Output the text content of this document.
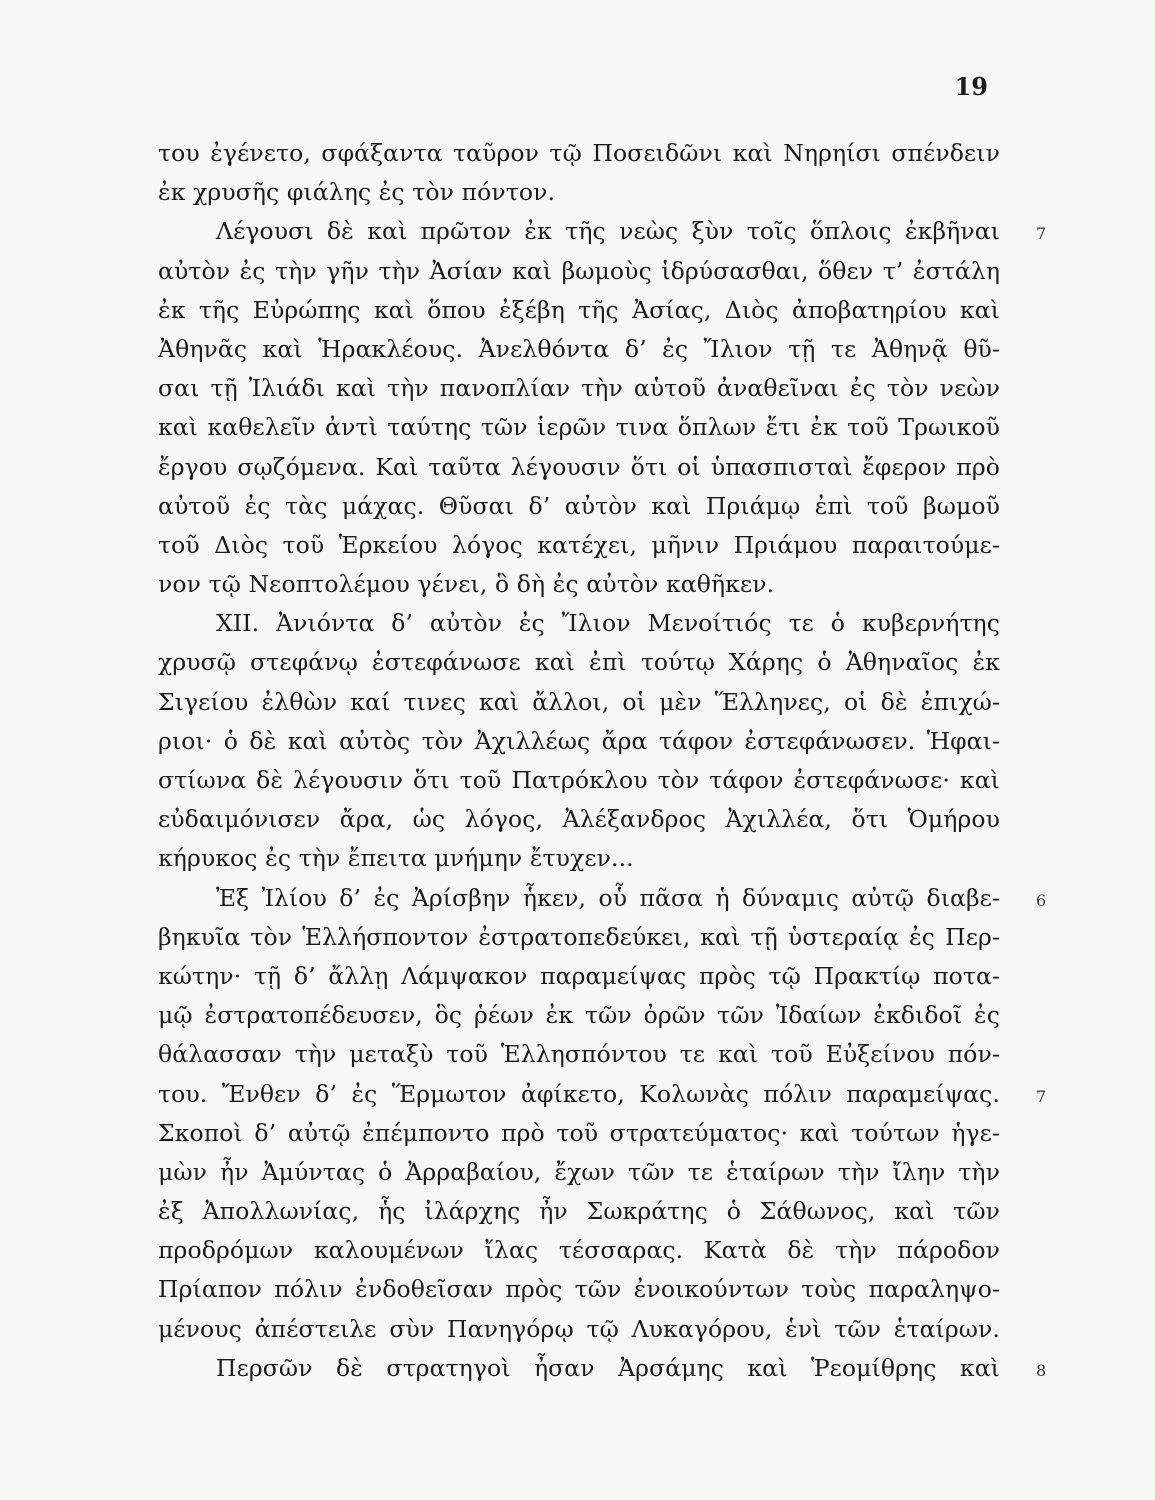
19
του ἐγένετο, σφάξαντα ταῦρον τῷ Ποσειδῶνι καὶ Νηρηίσι σπένδειν
ἐκ χρυσῆς φιάλης ἐς τὸν πόντον.
Λέγουσι δὲ καὶ πρῶτον ἐκ τῆς νεὼς ξὺν τοῖς ὅπλοις ἐκβῆναι
αὐτὸν ἐς τὴν γῆν τὴν Ἀσίαν καὶ βωμοὺς ἱδρύσασθαι, ὅθεν τ’ ἐστάλη
ἐκ τῆς Εὐρώπης καὶ ὅπου ἐξέβη τῆς Ἀσίας, Διὸς ἀποβατηρίου καὶ
Ἀθηνᾶς καὶ Ἡρακλέους. Ἀνελθόντα δ’ ἐς Ἴλιον τῇ τε Ἀθηνᾷ θῦ-
σαι τῇ Ἰλιάδι καὶ τὴν πανοπλίαν τὴν αὑτοῦ ἀναθεῖναι ἐς τὸν νεὼν
καὶ καθελεῖν ἀντὶ ταύτης τῶν ἱερῶν τινα ὅπλων ἔτι ἐκ τοῦ Τρωικοῦ
ἔργου σῳζόμενα. Καὶ ταῦτα λέγουσιν ὅτι οἱ ὑπασπισταὶ ἔφερον πρὸ
αὐτοῦ ἐς τὰς μάχας. Θῦσαι δ’ αὐτὸν καὶ Πριάμῳ ἐπὶ τοῦ βωμοῦ
τοῦ Διὸς τοῦ Ἑρκείου λόγος κατέχει, μῆνιν Πριάμου παραιτούμε-
νον τῷ Νεοπτολέμου γένει, ὃ δὴ ἐς αὐτὸν καθῆκεν.
XII. Ἀνιόντα δ’ αὐτὸν ἐς Ἴλιον Μενοίτιός τε ὁ κυβερνήτης
χρυσῷ στεφάνῳ ἐστεφάνωσε καὶ ἐπὶ τούτῳ Χάρης ὁ Ἀθηναῖος ἐκ
Σιγείου ἐλθὼν καί τινες καὶ ἄλλοι, οἱ μὲν Ἕλληνες, οἱ δὲ ἐπιχώ-
ριοι· ὁ δὲ καὶ αὐτὸς τὸν Ἀχιλλέως ἄρα τάφον ἐστεφάνωσεν. Ἡφαι-
στίωνα δὲ λέγουσιν ὅτι τοῦ Πατρόκλου τὸν τάφον ἐστεφάνωσε· καὶ
εὐδαιμόνισεν ἄρα, ὡς λόγος, Ἀλέξανδρος Ἀχιλλέα, ὅτι Ὁμήρου
κήρυκος ἐς τὴν ἔπειτα μνήμην ἔτυχεν...
Ἐξ Ἰλίου δ’ ἐς Ἀρίσβην ἧκεν, οὗ πᾶσα ἡ δύναμις αὐτῷ διαβε-
βηκυῖα τὸν Ἑλλήσποντον ἐστρατοπεδεύκει, καὶ τῇ ὑστεραίᾳ ἐς Περ-
κώτην· τῇ δ’ ἄλλῃ Λάμψακον παραμείψας πρὸς τῷ Πρακτίῳ ποτα-
μῷ ἐστρατοπέδευσεν, ὃς ῥέων ἐκ τῶν ὀρῶν τῶν Ἰδαίων ἐκδιδοῖ ἐς
θάλασσαν τὴν μεταξὺ τοῦ Ἑλλησπόντου τε καὶ τοῦ Εὐξείνου πόν-
του. Ἔνθεν δ’ ἐς Ἕρμωτον ἀφίκετο, Κολωνὰς πόλιν παραμείψας.
Σκοποὶ δ’ αὐτῷ ἐπέμποντο πρὸ τοῦ στρατεύματος· καὶ τούτων ἡγε-
μὼν ἦν Ἀμύντας ὁ Ἀρραβαίου, ἔχων τῶν τε ἑταίρων τὴν ἴλην τὴν
ἐξ Ἀπολλωνίας, ἧς ἰλάρχης ἦν Σωκράτης ὁ Σάθωνος, καὶ τῶν
προδρόμων καλουμένων ἴλας τέσσαρας. Κατὰ δὲ τὴν πάροδον
Πρίαπον πόλιν ἐνδοθεῖσαν πρὸς τῶν ἐνοικούντων τοὺς παραληψο-
μένους ἀπέστειλε σὺν Πανηγόρῳ τῷ Λυκαγόρου, ἑνὶ τῶν ἑταίρων.
Περσῶν δὲ στρατηγοὶ ἦσαν Ἀρσάμης καὶ Ῥεομίθρης καὶ
7
6
7
8
